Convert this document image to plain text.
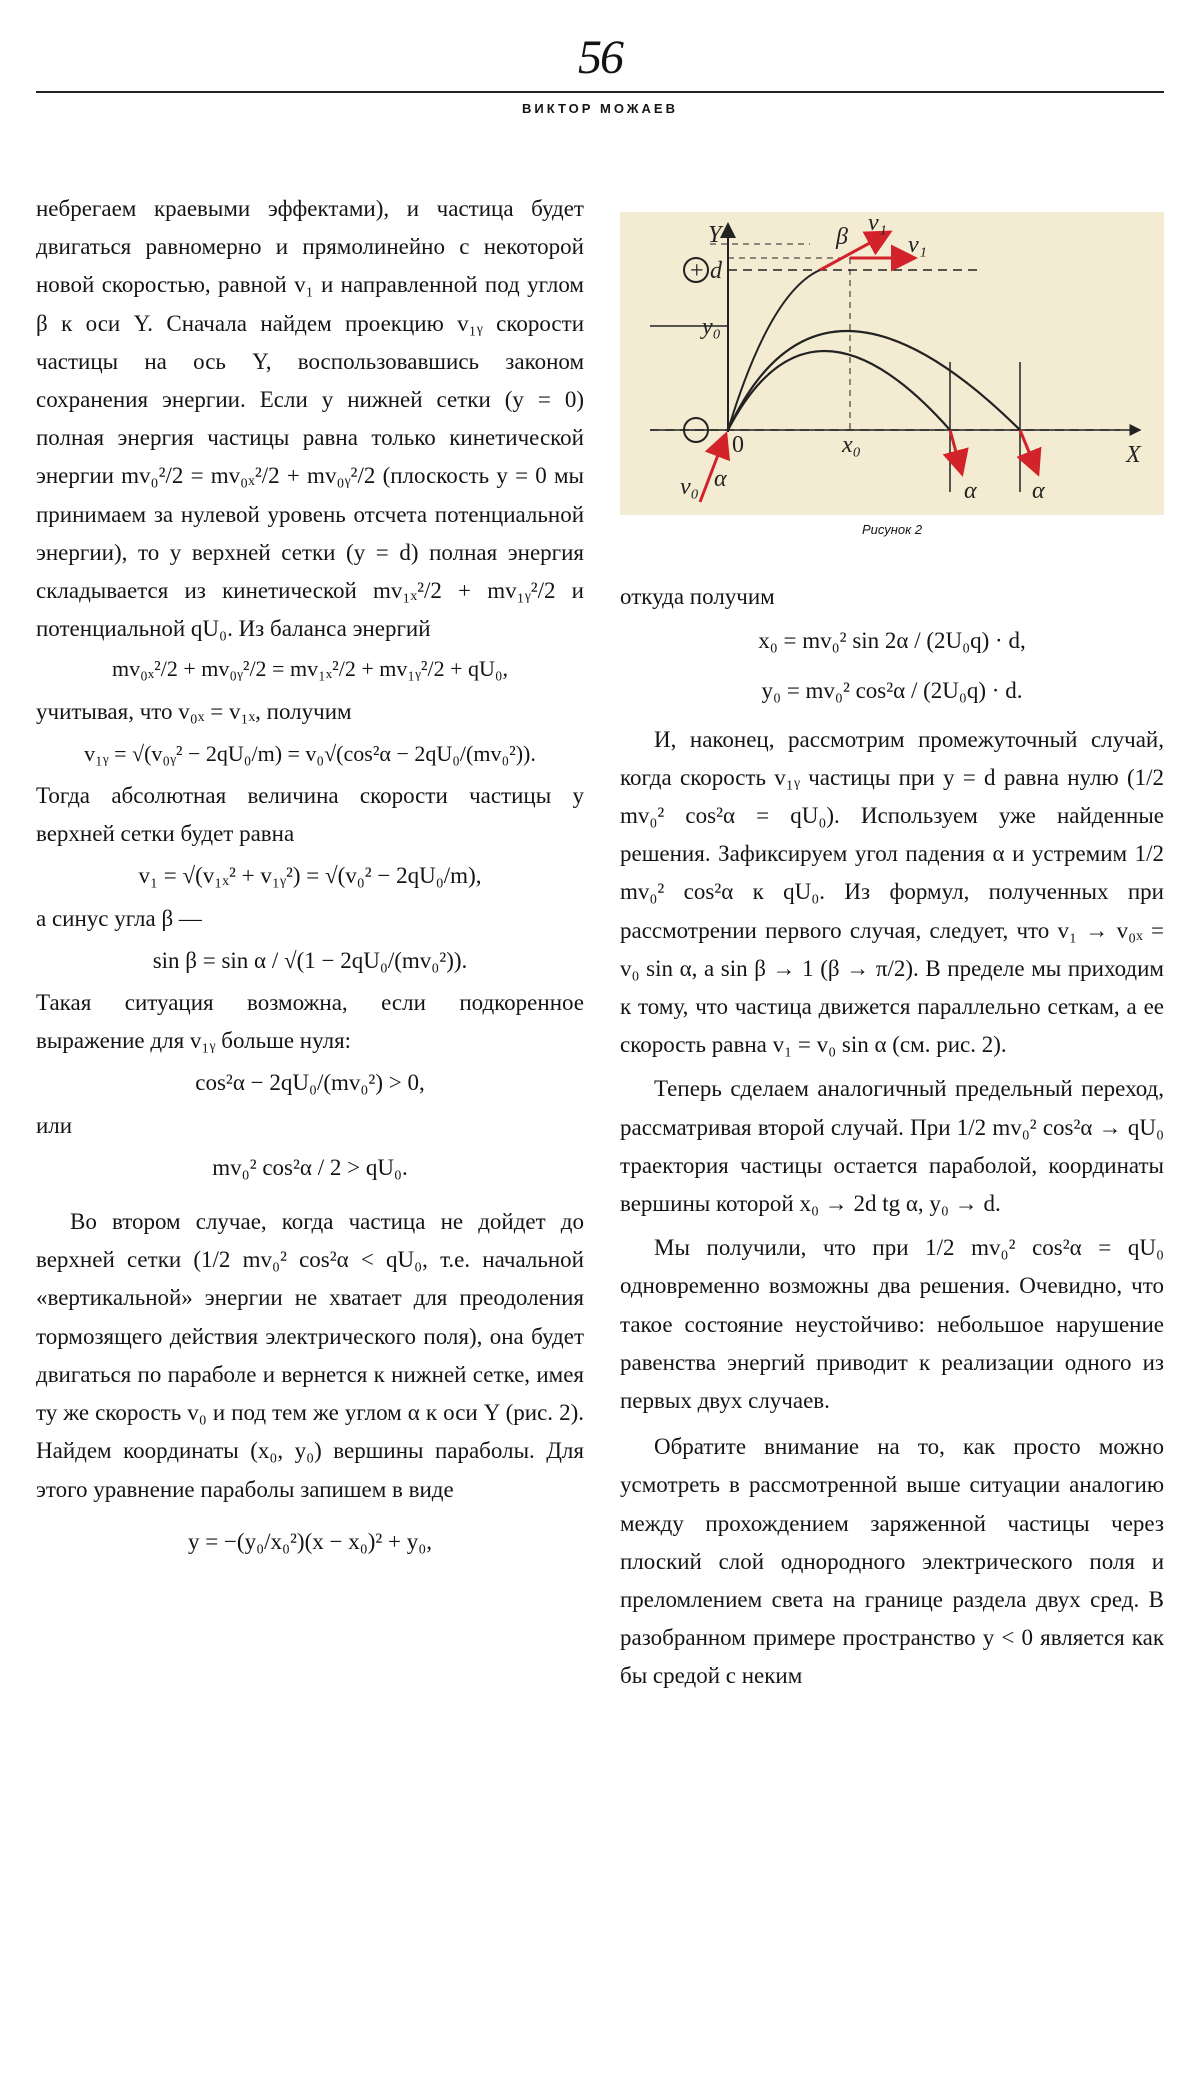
56
ВИКТОР МОЖАЕВ

небрегаем краевыми эффектами), и частица будет двигаться равномерно и прямолинейно с некоторой новой скоростью, равной v₁ и направленной под углом β к оси Y. Сначала найдем проекцию v₁ᵧ скорости частицы на ось Y, воспользовавшись законом сохранения энергии. Если у нижней сетки (y = 0) полная энергия частицы равна только кинетической энергии mv₀²/2 = mv₀ₓ²/2 + mv₀ᵧ²/2 (плоскость y = 0 мы принимаем за нулевой уровень отсчета потенциальной энергии), то у верхней сетки (y = d) полная энергия складывается из кинетической mv₁ₓ²/2 + mv₁ᵧ²/2 и потенциальной qU₀. Из баланса энергий

mv₀ₓ²/2 + mv₀ᵧ²/2 = mv₁ₓ²/2 + mv₁ᵧ²/2 + qU₀,

учитывая, что v₀ₓ = v₁ₓ, получим

v₁ᵧ = √(v₀ᵧ² − 2qU₀/m) = v₀√(cos²α − 2qU₀/(mv₀²)).

Тогда абсолютная величина скорости частицы у верхней сетки будет равна

v₁ = √(v₁ₓ² + v₁ᵧ²) = √(v₀² − 2qU₀/m),

а синус угла β —

sin β = sin α / √(1 − 2qU₀/(mv₀²)).

Такая ситуация возможна, если подкоренное выражение для v₁ᵧ больше нуля:

cos²α − 2qU₀/(mv₀²) > 0,

или

mv₀² cos²α / 2 > qU₀.

Во втором случае, когда частица не дойдет до верхней сетки (1/2 mv₀² cos²α < qU₀, т.е. начальной «вертикальной» энергии не хватает для преодоления тормозящего действия электрического поля), она будет двигаться по параболе и вернется к нижней сетке, имея ту же скорость v₀ и под тем же углом α к оси Y (рис. 2). Найдем координаты (x₀, y₀) вершины параболы. Для этого уравнение параболы запишем в виде

y = −(y₀/x₀²)(x − x₀)² + y₀,
+
−
Y
X
d
y₀
x₀
0
v₀
v₁
v₁
β
α	α α
Рисунок 2

откуда получим

x₀ = mv₀² sin 2α / (2U₀q) · d,
y₀ = mv₀² cos²α / (2U₀q) · d.

И, наконец, рассмотрим промежуточный случай, когда скорость v₁ᵧ частицы при y = d равна нулю (1/2 mv₀² cos²α = qU₀). Используем уже найденные решения. Зафиксируем угол падения α и устремим 1/2 mv₀² cos²α к qU₀. Из формул, полученных при рассмотрении первого случая, следует, что v₁ → v₀ₓ = v₀ sin α, а sin β → 1 (β → π/2). В пределе мы приходим к тому, что частица движется параллельно сеткам, а ее скорость равна v₁ = v₀ sin α (см. рис. 2).

Теперь сделаем аналогичный предельный переход, рассматривая второй случай. При 1/2 mv₀² cos²α → qU₀ траектория частицы остается параболой, координаты вершины которой x₀ → 2d tg α, y₀ → d.

Мы получили, что при 1/2 mv₀² cos²α = qU₀ одновременно возможны два решения. Очевидно, что такое состояние неустойчиво: небольшое нарушение равенства энергий приводит к реализации одного из первых двух случаев.

Обратите внимание на то, как просто можно усмотреть в рассмотренной выше ситуации аналогию между прохождением заряженной частицы через плоский слой однородного электрического поля и преломлением света на границе раздела двух сред. В разобранном примере пространство y < 0 является как бы средой с неким
